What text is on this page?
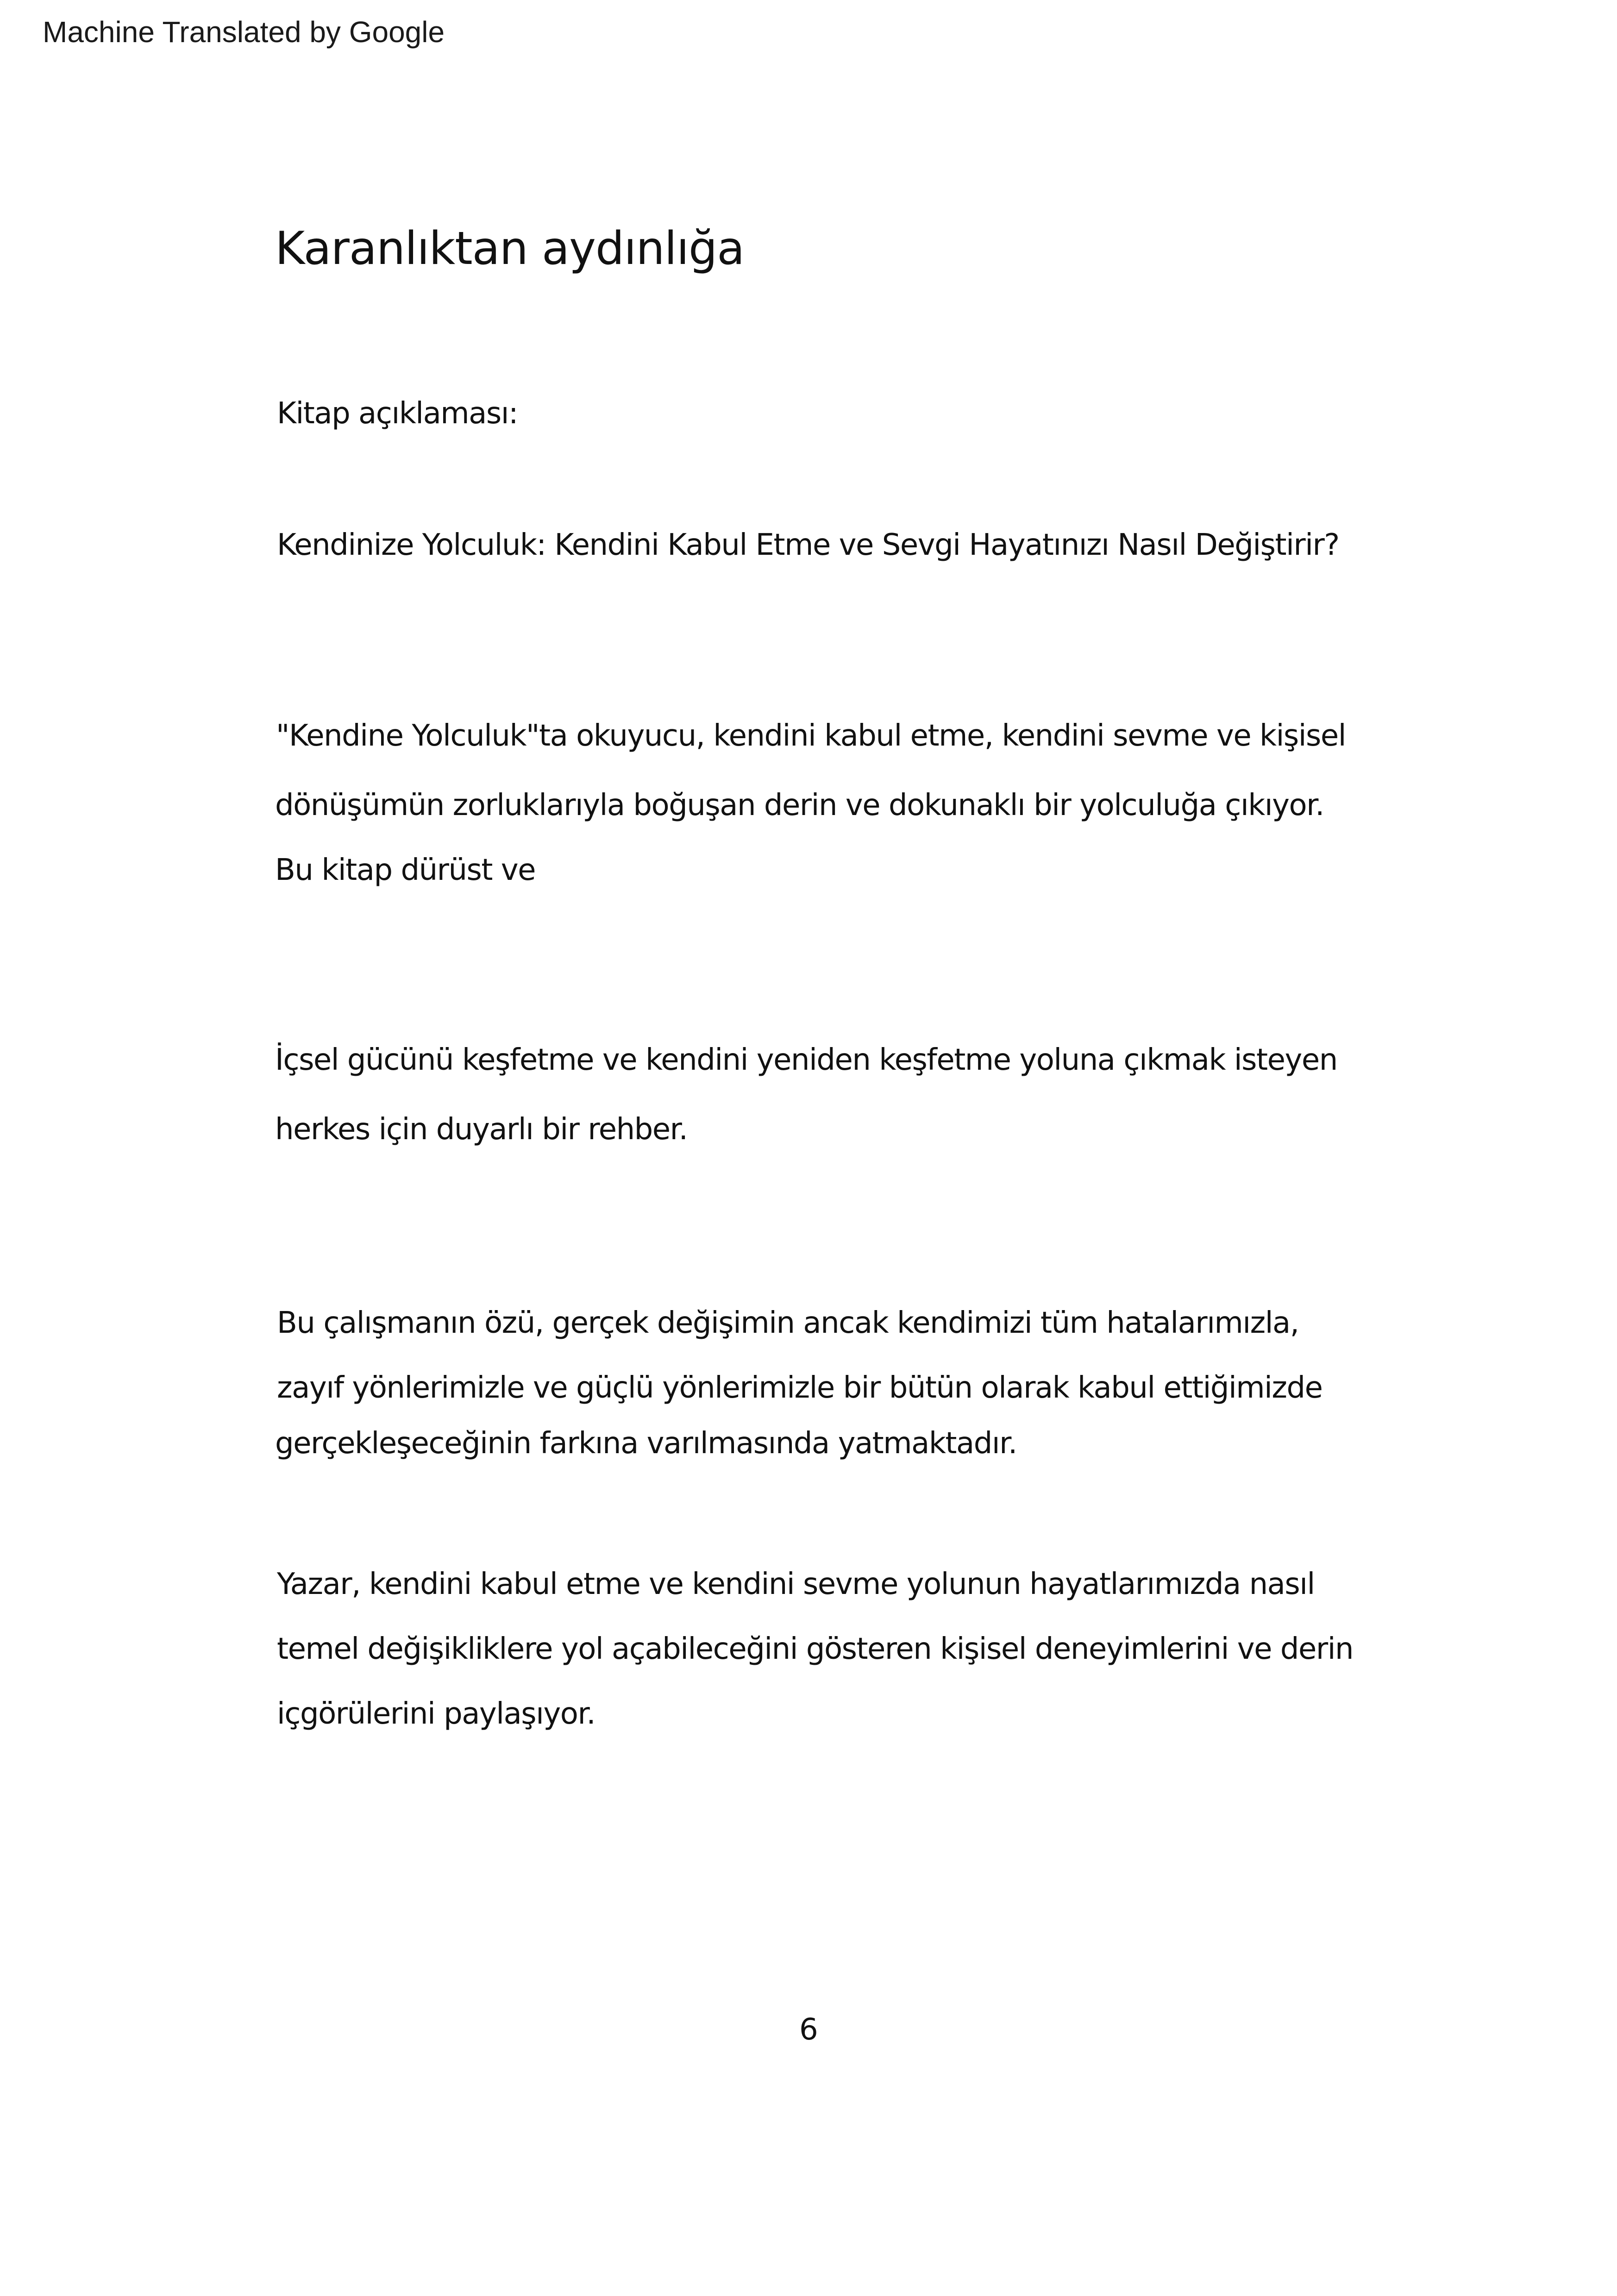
Machine Translated by Google
Karanlıktan aydınlığa
Kitap açıklaması:
Kendinize Yolculuk: Kendini Kabul Etme ve Sevgi Hayatınızı Nasıl Değiştirir?
"Kendine Yolculuk"ta okuyucu, kendini kabul etme, kendini sevme ve kişisel
dönüşümün zorluklarıyla boğuşan derin ve dokunaklı bir yolculuğa çıkıyor.
Bu kitap dürüst ve
İçsel gücünü keşfetme ve kendini yeniden keşfetme yoluna çıkmak isteyen
herkes için duyarlı bir rehber.
Bu çalışmanın özü, gerçek değişimin ancak kendimizi tüm hatalarımızla,
zayıf yönlerimizle ve güçlü yönlerimizle bir bütün olarak kabul ettiğimizde
gerçekleşeceğinin farkına varılmasında yatmaktadır.
Yazar, kendini kabul etme ve kendini sevme yolunun hayatlarımızda nasıl
temel değişikliklere yol açabileceğini gösteren kişisel deneyimlerini ve derin
içgörülerini paylaşıyor.
6
